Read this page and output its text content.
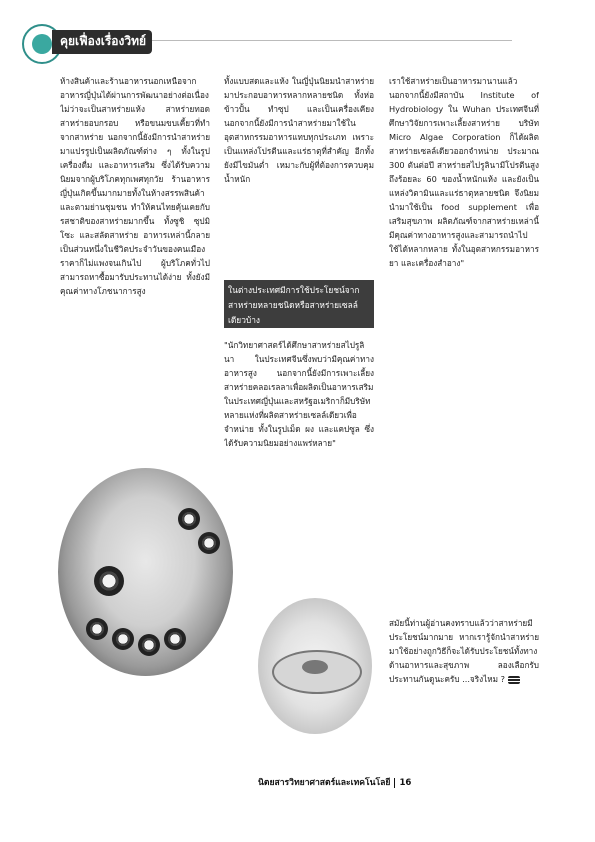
คุยเฟื่องเรื่องวิทย์
ห้างสินค้าและร้านอาหารนอกเหนือจากอาหารญี่ปุ่นได้ผ่านการพัฒนาอย่างต่อเนื่อง ไม่ว่าจะเป็นสาหร่ายแห้ง สาหร่ายทอด สาหร่ายอบกรอบ หรือขนมขบเคี้ยวที่ทำจากสาหร่าย นอกจากนี้ยังมีการนำสาหร่ายมาแปรรูปเป็นผลิตภัณฑ์ต่าง ๆ ทั้งในรูปเครื่องดื่ม และอาหารเสริม ซึ่งได้รับความนิยมจากผู้บริโภคทุกเพศทุกวัย ร้านอาหารญี่ปุ่นเกิดขึ้นมากมายทั้งในห้างสรรพสินค้าและตามย่านชุมชน ทำให้คนไทยคุ้นเคยกับรสชาติของสาหร่ายมากขึ้น ทั้งซูชิ ซุปมิโซะ และสลัดสาหร่าย อาหารเหล่านี้กลายเป็นส่วนหนึ่งในชีวิตประจำวันของคนเมือง ราคาก็ไม่แพงจนเกินไป ผู้บริโภคทั่วไปสามารถหาซื้อมารับประทานได้ง่าย ทั้งยังมีคุณค่าทางโภชนาการสูง
ทั้งแบบสดและแห้ง ในญี่ปุ่นนิยมนำสาหร่ายมาประกอบอาหารหลากหลายชนิด ทั้งห่อข้าวปั้น ทำซุป และเป็นเครื่องเคียง นอกจากนี้ยังมีการนำสาหร่ายมาใช้ในอุตสาหกรรมอาหารแทบทุกประเภท เพราะเป็นแหล่งโปรตีนและแร่ธาตุที่สำคัญ อีกทั้งยังมีไขมันต่ำ เหมาะกับผู้ที่ต้องการควบคุมน้ำหนัก
ในต่างประเทศมีการใช้ประโยชน์จากสาหร่ายหลายชนิดหรือสาหร่ายเซลล์เดียวบ้าง
"นักวิทยาศาสตร์ได้ศึกษาสาหร่ายสไปรูลินา ในประเทศจีนซึ่งพบว่ามีคุณค่าทางอาหารสูง นอกจากนี้ยังมีการเพาะเลี้ยงสาหร่ายคลอเรลลาเพื่อผลิตเป็นอาหารเสริม ในประเทศญี่ปุ่นและสหรัฐอเมริกาก็มีบริษัทหลายแห่งที่ผลิตสาหร่ายเซลล์เดียวเพื่อจำหน่าย ทั้งในรูปเม็ด ผง และแคปซูล ซึ่งได้รับความนิยมอย่างแพร่หลาย"
เราใช้สาหร่ายเป็นอาหารมานานแล้ว นอกจากนี้ยังมีสถาบัน Institute of Hydrobiology ใน Wuhan ประเทศจีนที่ศึกษาวิจัยการเพาะเลี้ยงสาหร่าย บริษัท Micro Algae Corporation ก็ได้ผลิตสาหร่ายเซลล์เดียวออกจำหน่าย ประมาณ 300 ตันต่อปี สาหร่ายสไปรูลินามีโปรตีนสูงถึงร้อยละ 60 ของน้ำหนักแห้ง และยังเป็นแหล่งวิตามินและแร่ธาตุหลายชนิด จึงนิยมนำมาใช้เป็น food supplement เพื่อเสริมสุขภาพ ผลิตภัณฑ์จากสาหร่ายเหล่านี้มีคุณค่าทางอาหารสูงและสามารถนำไปใช้ได้หลากหลาย ทั้งในอุตสาหกรรมอาหาร ยา และเครื่องสำอาง"
สมัยนี้ท่านผู้อ่านคงทราบแล้วว่าสาหร่ายมีประโยชน์มากมาย หากเรารู้จักนำสาหร่ายมาใช้อย่างถูกวิธีก็จะได้รับประโยชน์ทั้งทางด้านอาหารและสุขภาพ ลองเลือกรับประทานกันดูนะครับ ...จริงไหม ?
นิตยสารวิทยาศาสตร์และเทคโนโลยี 16
